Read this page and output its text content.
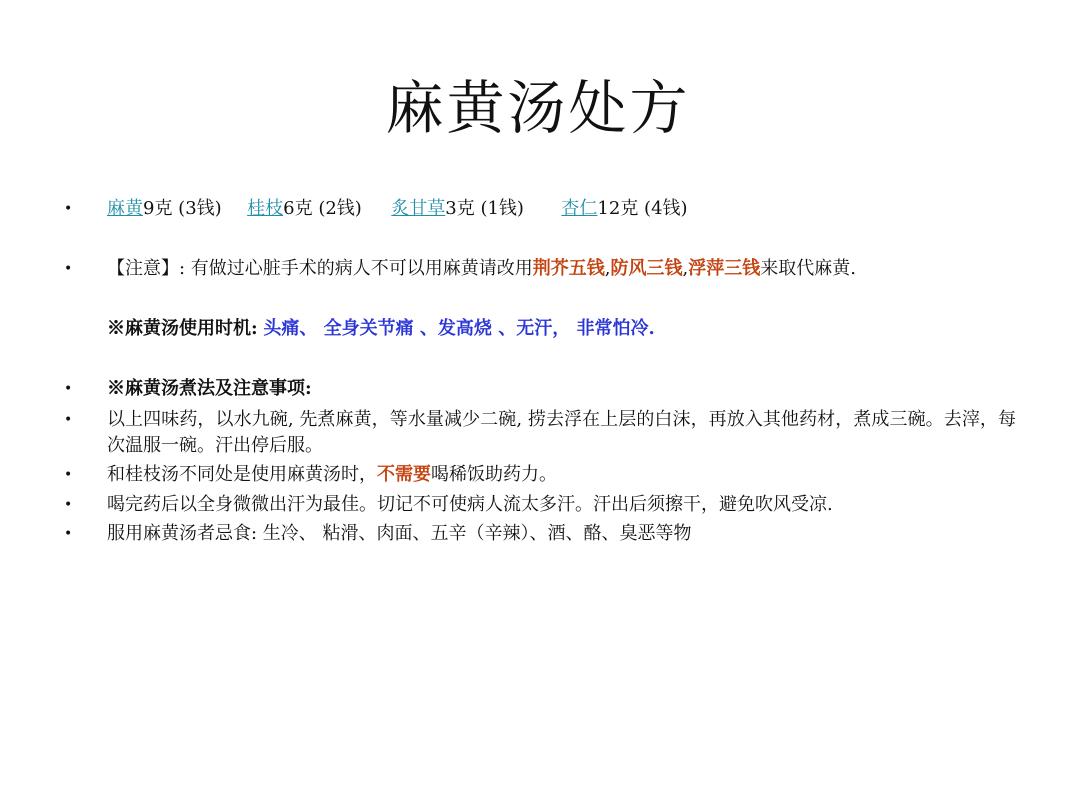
麻黄汤处方
• 麻黄9克 (3钱) 桂枝6克 (2钱) 炙甘草3克 (1钱) 杏仁12克 (4钱)
• 【注意】: 有做过心脏手术的病人不可以用麻黄请改用荆芥五钱,防风三钱,浮萍三钱来取代麻黄.
※麻黄汤使用时机: 头痛、 全身关节痛 、发高烧 、无汗， 非常怕冷.
• ※麻黄汤煮法及注意事项:
• 以上四味药，以水九碗, 先煮麻黄，等水量减少二碗, 捞去浮在上层的白沫，再放入其他药材，煮成三碗。去滓，每次温服一碗。汗出停后服。
• 和桂枝汤不同处是使用麻黄汤时，不需要喝稀饭助药力。
• 喝完药后以全身微微出汗为最佳。切记不可使病人流太多汗。汗出后须擦干，避免吹风受凉.
• 服用麻黄汤者忌食: 生冷、 粘滑、肉面、五辛（辛辣）、酒、酪、臭恶等物
